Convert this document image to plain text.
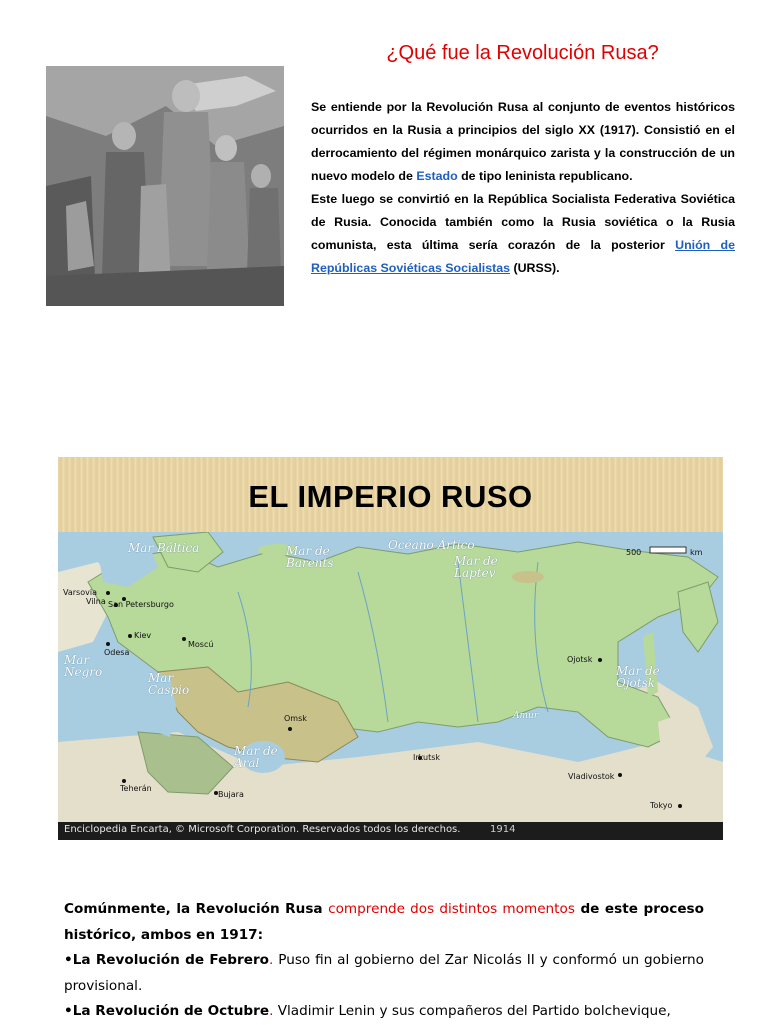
¿Qué fue la Revolución Rusa?

Se entiende por la Revolución Rusa al conjunto de eventos históricos ocurridos en la Rusia a principios del siglo XX (1917). Consistió en el derrocamiento del régimen monárquico zarista y la construcción de un nuevo modelo de Estado de tipo leninista republicano.

Este luego se convirtió en la República Socialista Federativa Soviética de Rusia. Conocida también como la Rusia soviética o la Rusia comunista, esta última sería corazón de la posterior Unión de Repúblicas Soviéticas Socialistas (URSS).

EL IMPERIO RUSO
Mar Báltica	Mar de Barents
Océano Ártico
Mar de Laptev
Mar Negro	Mar Caspio
Mar de Aral
Mar de Ojotsk
Amur
500	km
Varsovia
Vilna San Petersburgo
Kiev
Moscú
Odesa
Omsk
Irkutsk
Ojotsk
Vladivostok
Teherán
Bujara
Tokyo
Enciclopedia Encarta, © Microsoft Corporation. Reservados todos los derechos.	1914

Comúnmente, la Revolución Rusa comprende dos distintos momentos de este proceso histórico, ambos en 1917:

•La Revolución de Febrero. Puso fin al gobierno del Zar Nicolás II y conformó un gobierno provisional.

•La Revolución de Octubre. Vladimir Lenin y sus compañeros del Partido bolchevique,
